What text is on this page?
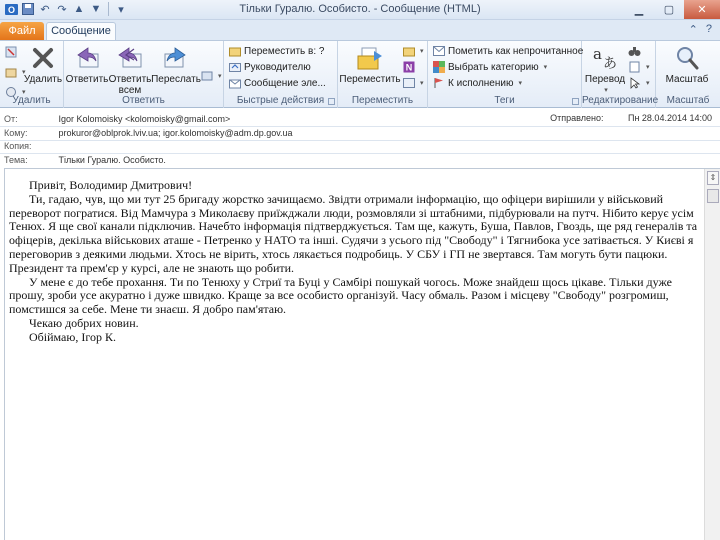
O ↶ ↷ ▲ ▼	▾	Тільки Гуралю. Особисто. - Сообщение (HTML)	▁	▢	✕
Файл	Сообщение	⌃ ?
▾
▾
Удалить
Удалить
Ответить Ответить всем
Переслать ▾
Ответить
Переместить в: ?
Руководителю
Сообщение эле...
Быстрые действия
Переместить
▾
N
▾
Переместить
Пометить как непрочитанное
Выбрать категорию ▾
К исполнению ▾
Теги
a
あ
Перевод
▾
▾
▾
Редактирование
Масштаб
Масштаб
От:	Igor Kolomoisky <kolomoisky@gmail.com>	Отправлено:	Пн 28.04.2014 14:00
Кому:	prokuror@oblprok.lviv.ua; igor.kolomoisky@adm.dp.gov.ua
Копия:
Тема:	Тільки Гуралю. Особисто.

Привіт, Володимир Дмитрович!

Ти, гадаю, чув, що ми тут 25 бригаду жорстко зачищаємо. Звідти отримали інформацію, що офіцери вирішили у військовий переворот погратися. Від Мамчура з Миколаєву приїжджали люди, розмовляли зі штабними, підбурювали на путч. Нібито керує усім Тенюх. Я ще свої канали підключив. Начебто інформація підтверджується. Там ще, кажуть, Буша, Павлов, Гвоздь, ще ряд генералів та офіцерів, декілька військових аташе - Петренко у НАТО та інші. Судячи з усього під "Свободу" і Тягнибока усе затівається. У Києві я переговорив з деякими людьми. Хтось не вірить, хтось лякається подробиць. У СБУ і ГП не звертався. Там могуть бути пацюки. Президент та прем'єр у курсі, але не знають що робити.

У мене є до тебе прохання. Ти по Тенюху у Стриї та Буці у Самбірі пошукай чогось. Може знайдеш щось цікаве. Тільки дуже прошу, зроби усе акуратно і дуже швидко. Краще за все особисто організуй. Часу обмаль. Разом і місцеву "Свободу" розгромиш, помстишся за себе. Мене ти знаєш. Я добро пам'ятаю.

Чекаю добрих новин.

Обіймаю, Ігор К.

⇕
